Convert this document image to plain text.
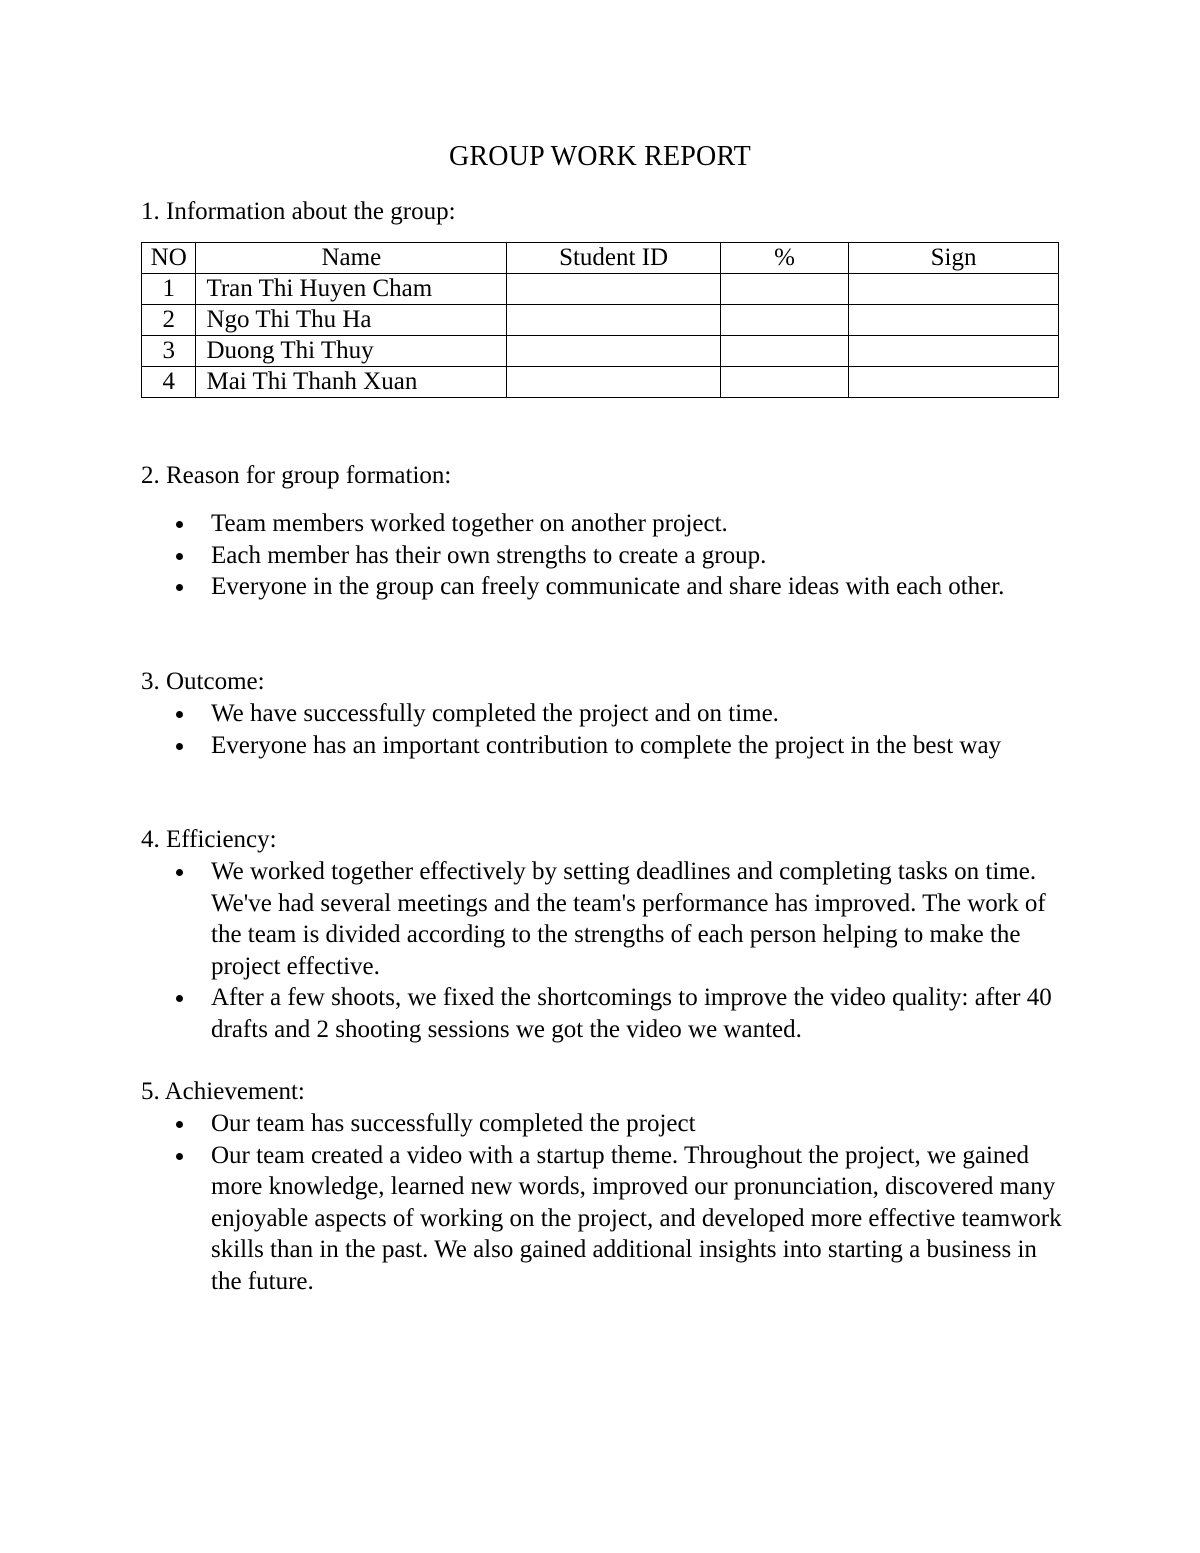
GROUP WORK REPORT
1. Information about the group:
NO	Name	Student ID	%	Sign
1	Tran Thi Huyen Cham			
2	Ngo Thi Thu Ha			
3	Duong Thi Thuy			
4	Mai Thi Thanh Xuan			
2. Reason for group formation:
Team members worked together on another project.
Each member has their own strengths to create a group.
Everyone in the group can freely communicate and share ideas with each other.
3. Outcome:
We have successfully completed the project and on time.
Everyone has an important contribution to complete the project in the best way
4. Efficiency:
We worked together effectively by setting deadlines and completing tasks on time. We've had several meetings and the team's performance has improved. The work of the team is divided according to the strengths of each person helping to make the project effective.
After a few shoots, we fixed the shortcomings to improve the video quality: after 40 drafts and 2 shooting sessions we got the video we wanted.
5. Achievement:
Our team has successfully completed the project
Our team created a video with a startup theme. Throughout the project, we gained more knowledge, learned new words, improved our pronunciation, discovered many enjoyable aspects of working on the project, and developed more effective teamwork skills than in the past. We also gained additional insights into starting a business in the future.
